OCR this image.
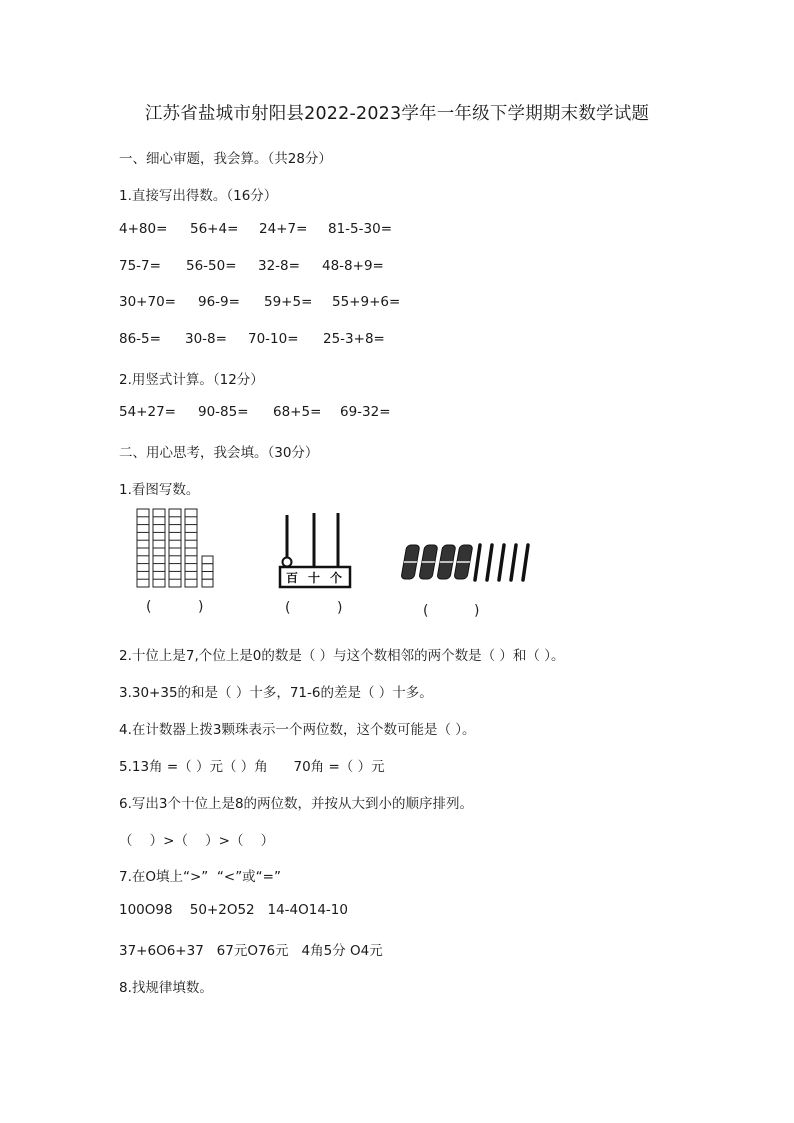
江苏省盐城市射阳县2022-2023学年一年级下学期期末数学试题
一、细心审题，我会算。（共28分）
1.直接写出得数。（16分）
4+80= 56+4= 24+7= 81-5-30=
75-7= 56-50= 32-8= 48-8+9=
30+70= 96-9= 59+5= 55+9+6=
86-5= 30-8= 70-10= 25-3+8=
2.用竖式计算。（12分）
54+27= 90-85= 68+5= 69-32=
二、用心思考，我会填。（30分）
1.看图写数。
(	)
百 十 个
(	)	(	)
2.十位上是7,个位上是0的数是（ ）与这个数相邻的两个数是（ ）和（ ）。
3.30+35的和是（ ）十多，71-6的差是（ ）十多。
4.在计数器上拨3颗珠表示一个两位数，这个数可能是（ ）。
5.13角 =（ ）元（ ）角      70角 =（ ）元
6.写出3个十位上是8的两位数，并按从大到小的顺序排列。
（    ）>（    ）>（    ）
7.在O填上“>”  “<”或“=”
100O98    50+2O52   14-4O14-10
37+6O6+37   67元O76元   4角5分 O4元
8.找规律填数。
